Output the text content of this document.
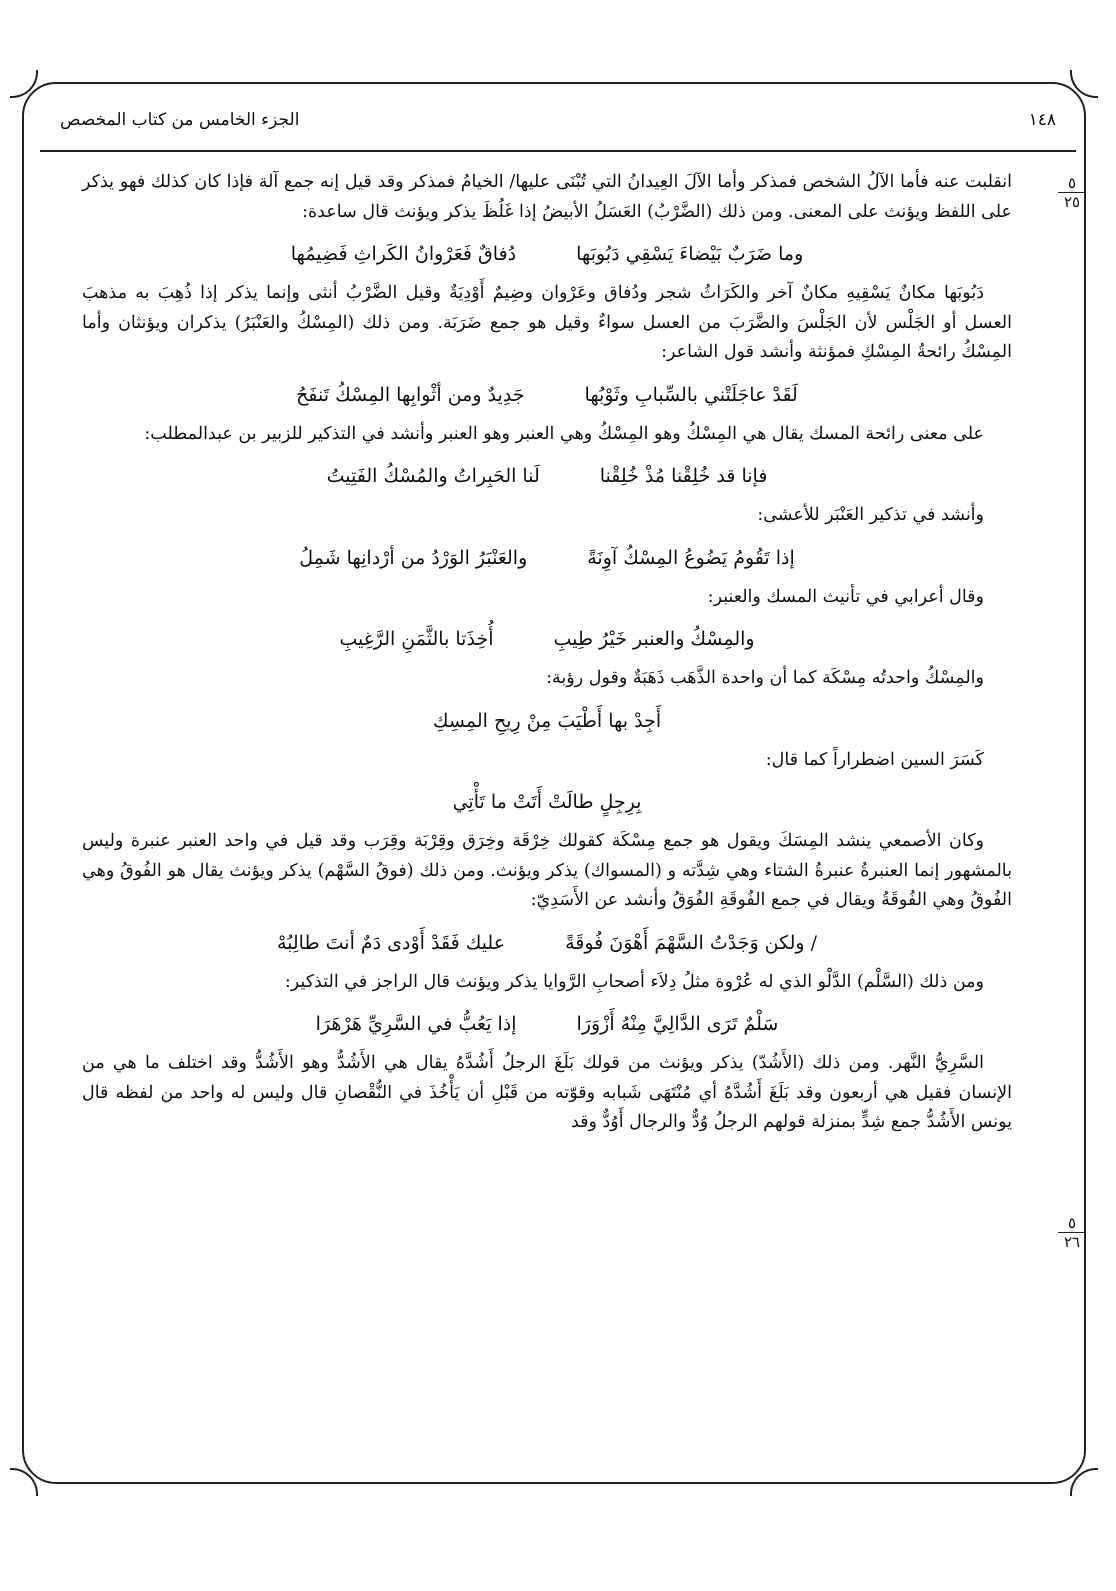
١٤٨
الجزء الخامس من كتاب المخصص
٥
٢٥
٥
٢٦

انقلبت عنه فأما الآلُ الشخص فمذكر وأما الآلَ العِيدانُ التي تُبْنَى عليها/ الخيامُ فمذكر وقد قيل إنه جمع آلة فإذا كان كذلك فهو يذكر على اللفظ ويؤنث على المعنى. ومن ذلك (الضَّرْبُ) العَسَلُ الأبيضُ إذا غَلُظَ يذكر ويؤنث قال ساعدة:

وما ضَرَبٌ بَيْضاءَ يَسْقِي دَبُوبَها
دُفاقٌ فَعَرْوانُ الكَراثِ فَضِيمُها

دَبُوبَها مكانٌ يَسْقِيهِ مكانٌ آخر والكَرَاثُ شجر ودُفاق وعَرْوان وضِيمٌ أَوْدِيَةٌ وقيل الضَّرْبُ أنثى وإنما يذكر إذا ذُهِبَ به مذهبَ العسل أو الجَلْس لأن الجَلْسَ والضَّرَبَ من العسل سواءٌ وقيل هو جمع ضَرَبَة. ومن ذلك (المِسْكُ والعَنْبَرُ) يذكران ويؤنثان وأما المِسْكُ رائحةُ المِسْكِ فمؤنثة وأنشد قول الشاعر:

لَقَدْ عاجَلَتْني بالسِّبابِ وثَوْبُها
جَدِيدٌ ومن أثْوابِها المِسْكُ تَنفَحُ

على معنى رائحة المسك يقال هي المِسْكُ وهو المِسْكُ وهي العنبر وهو العنبر وأنشد في التذكير للزبير بن عبدالمطلب:

فإنا قد خُلِقْنا مُذْ خُلِقْنا
لَنا الحَبِراتُ والمُسْكُ الفَتِيتُ

وأنشد في تذكير العَنْبَر للأعشى:

إذا تَقُومُ يَضُوعُ المِسْكُ آوِنَةً
والعَنْبَرُ الوَرْدُ من أرْدانِها شَمِلُ

وقال أعرابي في تأنيث المسك والعنبر:

والمِسْكُ والعنبر خَيْرُ طِيبِ
أُخِذَتا بالثَّمَنِ الرَّغِيبِ

والمِسْكُ واحدتُه مِسْكَة كما أن واحدة الذَّهَب ذَهَبَةٌ وقول رؤبة:

أَجِدْ بها أَطْيَبَ مِنْ رِيحِ المِسِكِ

كَسَرَ السين اضطراراً كما قال:

بِرِجِلٍ طالَتْ أَتَتْ ما تَأْتِي

وكان الأصمعي ينشد المِسَكَ ويقول هو جمع مِسْكَة كقولك خِرْقَة وخِرَق وقِرْبَة وقِرَب وقد قيل في واحد العنبر عنبرة وليس بالمشهور إنما العنبرةُ عنبرةُ الشتاء وهي شِدَّته و (المسواك) يذكر ويؤنث. ومن ذلك (فوقُ السَّهْم) يذكر ويؤنث يقال هو الفُوقُ وهي الفُوقُ وهي الفُوقَةُ ويقال في جمع الفُوقَةِ الفُوَقُ وأنشد عن الأَسَدِيّ:

/ ولكن وَجَدْتُ السَّهْمَ أَهْوَنَ فُوقَةً
عليك فَقَدْ أَوْدى دَمٌ أنتَ طالِبُهْ

ومن ذلك (السَّلْم) الدَّلْو الذي له عُرْوة مثلُ دِلاَء أصحابِ الرَّوايا يذكر ويؤنث قال الراجز في التذكير:

سَلْمٌ تَرَى الدَّالِيَّ مِنْهُ أَزْوَرَا
إذا يَعُبُّ في السَّرِيِّ هَرْهَرَا

السَّرِيُّ النَّهر. ومن ذلك (الأَشُدّ) يذكر ويؤنث من قولك بَلَغَ الرجلُ أَشُدَّهُ يقال هي الأَشُدُّ وهو الأَشُدُّ وقد اختلف ما هي من الإنسان فقيل هي أربعون وقد بَلَغَ أَشُدَّهُ أي مُنْتَهَى شَبابه وقوّته من قَبْلِ أن يَأْخُذَ في النُّقْصانِ قال وليس له واحد من لفظه قال يونس الأَشُدُّ جمع شِدٍّ بمنزلة قولهم الرجلُ وُدٌّ والرجال أَوُدٌّ وقد
